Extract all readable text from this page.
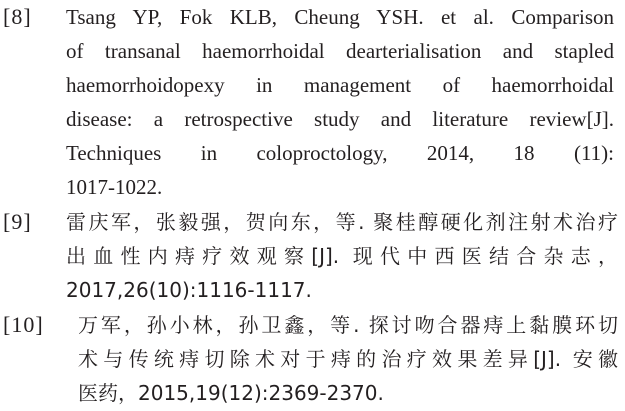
[8] Tsang YP, Fok KLB, Cheung YSH. et al. Comparison
of transanal haemorrhoidal dearterialisation and stapled
haemorrhoidopexy in management of haemorrhoidal
disease: a retrospective study and literature review[J].
Techniques in coloproctology, 2014, 18 (11):
1017-1022.
[9] 雷庆军，张毅强，贺向东，等. 聚桂醇硬化剂注射术治疗
出血性内痔疗效观察[J]. 现代中西医结合杂志，
2017,26(10):1116-1117.
[10] 万军，孙小林，孙卫鑫，等. 探讨吻合器痔上黏膜环切
术与传统痔切除术对于痔的治疗效果差异[J]. 安徽
医药，2015,19(12):2369-2370.
